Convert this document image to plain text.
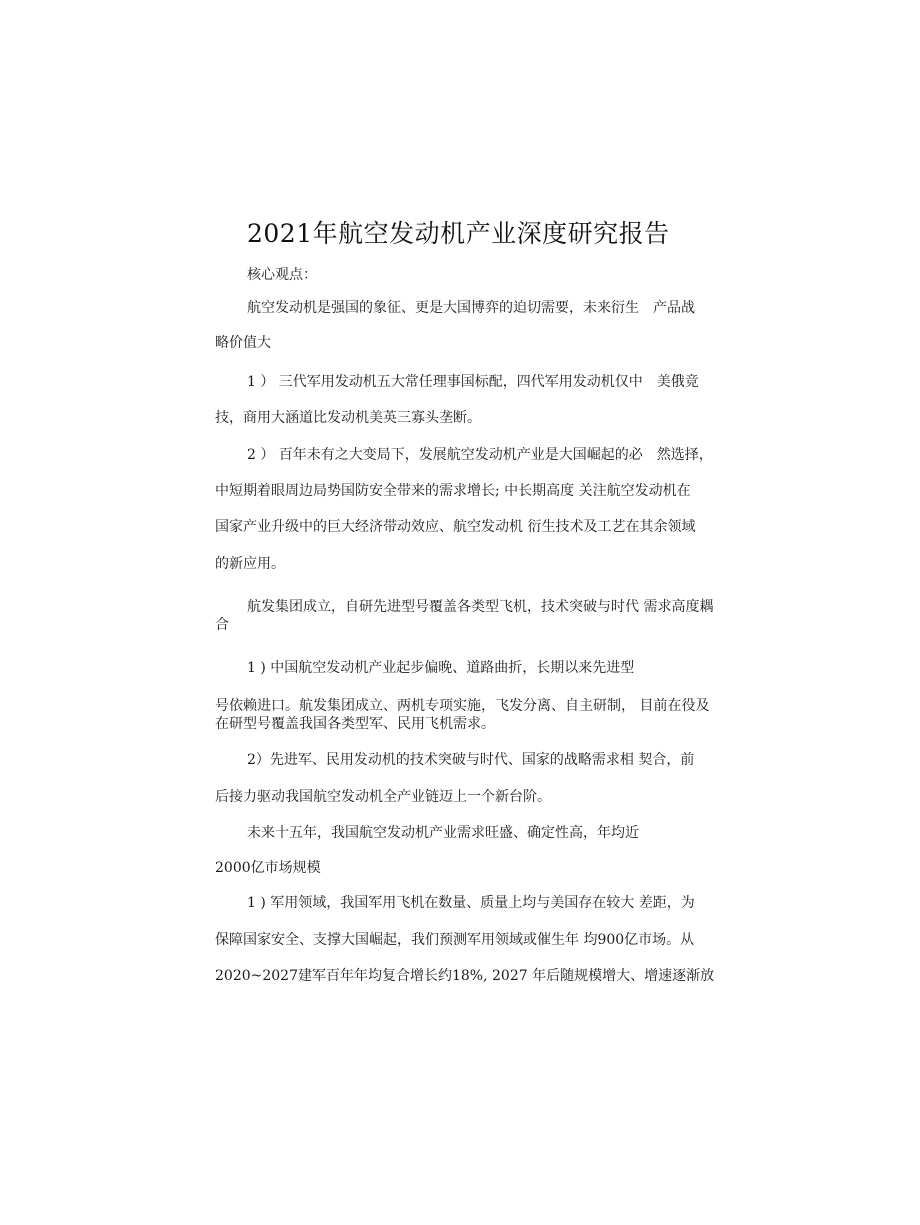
2021年航空发动机产业深度研究报告
核心观点：
航空发动机是强国的象征、更是大国博弈的迫切需要，未来衍生　产品战
略价值大
1 ） 三代军用发动机五大常任理事国标配，四代军用发动机仅中　美俄竞
技，商用大涵道比发动机美英三寡头垄断。
2 ） 百年未有之大变局下，发展航空发动机产业是大国崛起的必　然选择，
中短期着眼周边局势国防安全带来的需求增长; 中长期高度 关注航空发动机在
国家产业升级中的巨大经济带动效应、航空发动机 衍生技术及工艺在其余领域
的新应用。
航发集团成立，自研先进型号覆盖各类型飞机，技术突破与时代 需求高度耦合
1 ) 中国航空发动机产业起步偏晚、道路曲折，长期以来先进型
号依赖进口。航发集团成立、两机专项实施，飞发分离、自主研制， 目前在役及在研型号覆盖我国各类型军、民用飞机需求。
2）先进军、民用发动机的技术突破与时代、国家的战略需求相 契合，前
后接力驱动我国航空发动机全产业链迈上一个新台阶。
未来十五年，我国航空发动机产业需求旺盛、确定性高，年均近
2000亿市场规模
1 ) 军用领域，我国军用飞机在数量、质量上均与美国存在较大 差距，为
保障国家安全、支撑大国崛起，我们预测军用领域或催生年 均900亿市场。从
2020~2027建军百年年均复合增长约18%, 2027 年后随规模增大、增速逐渐放
